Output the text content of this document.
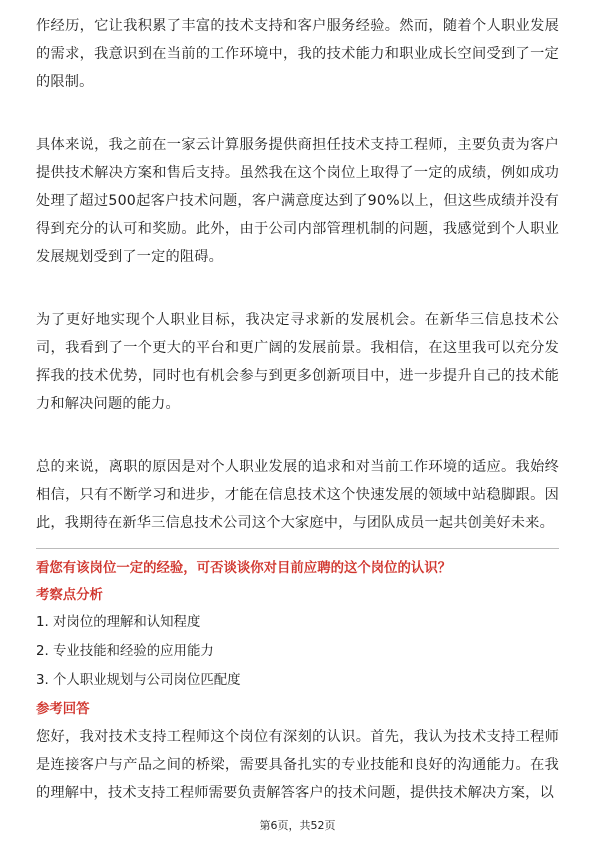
作经历，它让我积累了丰富的技术支持和客户服务经验。然而，随着个人职业发展的需求，我意识到在当前的工作环境中，我的技术能力和职业成长空间受到了一定的限制。

具体来说，我之前在一家云计算服务提供商担任技术支持工程师，主要负责为客户提供技术解决方案和售后支持。虽然我在这个岗位上取得了一定的成绩，例如成功处理了超过500起客户技术问题，客户满意度达到了90%以上，但这些成绩并没有得到充分的认可和奖励。此外，由于公司内部管理机制的问题，我感觉到个人职业发展规划受到了一定的阻碍。

为了更好地实现个人职业目标，我决定寻求新的发展机会。在新华三信息技术公司，我看到了一个更大的平台和更广阔的发展前景。我相信，在这里我可以充分发挥我的技术优势，同时也有机会参与到更多创新项目中，进一步提升自己的技术能力和解决问题的能力。

总的来说，离职的原因是对个人职业发展的追求和对当前工作环境的适应。我始终相信，只有不断学习和进步，才能在信息技术这个快速发展的领域中站稳脚跟。因此，我期待在新华三信息技术公司这个大家庭中，与团队成员一起共创美好未来。

看您有该岗位一定的经验，可否谈谈你对目前应聘的这个岗位的认识？
考察点分析
1. 对岗位的理解和认知程度
2. 专业技能和经验的应用能力
3. 个人职业规划与公司岗位匹配度
参考回答

您好，我对技术支持工程师这个岗位有深刻的认识。首先，我认为技术支持工程师是连接客户与产品之间的桥梁，需要具备扎实的专业技能和良好的沟通能力。在我的理解中，技术支持工程师需要负责解答客户的技术问题，提供技术解决方案，以

第6页，共52页
